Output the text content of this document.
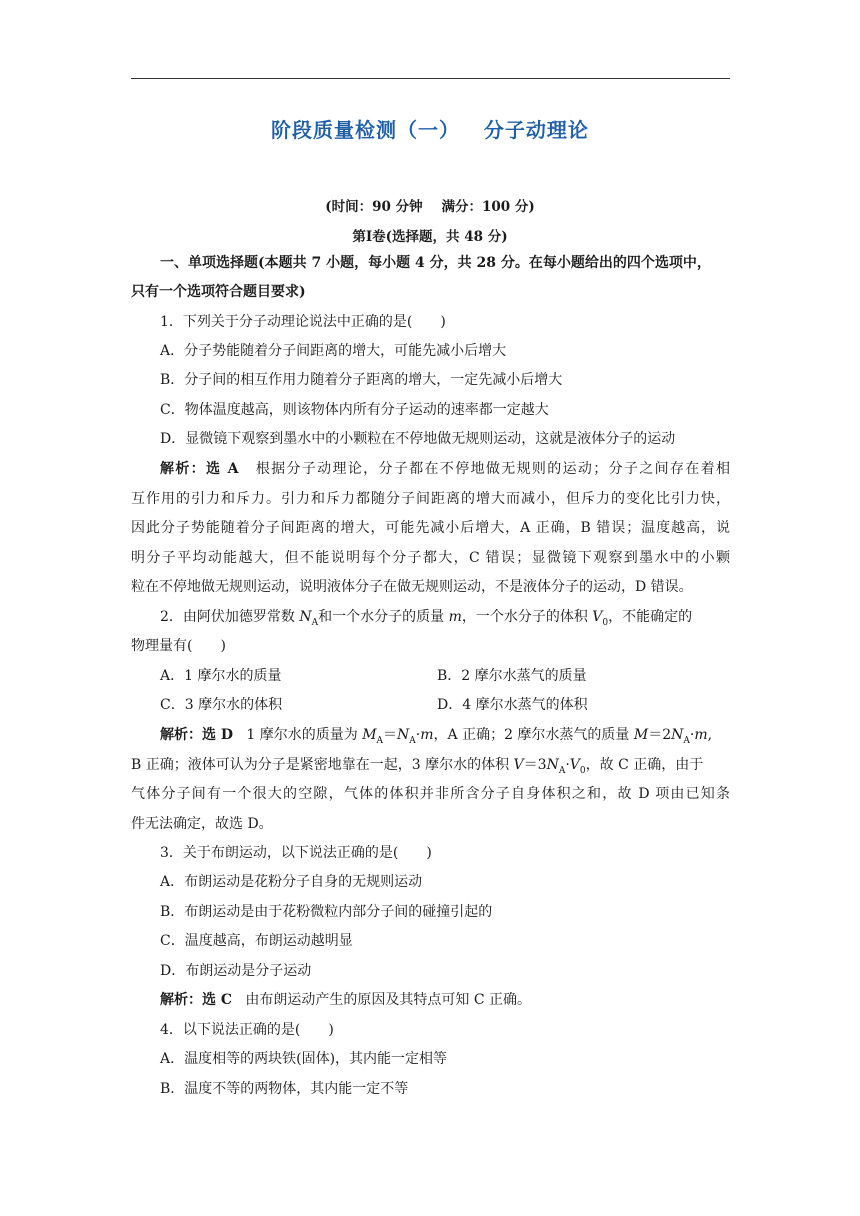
阶段质量检测（一）   分子动理论
(时间：90 分钟    满分：100 分)
第Ⅰ卷(选择题，共 48 分)
一、单项选择题(本题共 7 小题，每小题 4 分，共 28 分。在每小题给出的四个选项中，
只有一个选项符合题目要求)
1．下列关于分子动理论说法中正确的是(　　)
A．分子势能随着分子间距离的增大，可能先减小后增大
B．分子间的相互作用力随着分子距离的增大，一定先减小后增大
C．物体温度越高，则该物体内所有分子运动的速率都一定越大
D．显微镜下观察到墨水中的小颗粒在不停地做无规则运动，这就是液体分子的运动
解析：选 A 根据分子动理论，分子都在不停地做无规则的运动；分子之间存在着相
互作用的引力和斥力。引力和斥力都随分子间距离的增大而减小，但斥力的变化比引力快，
因此分子势能随着分子间距离的增大，可能先减小后增大，A 正确，B 错误；温度越高，说
明分子平均动能越大，但不能说明每个分子都大，C 错误；显微镜下观察到墨水中的小颗
粒在不停地做无规则运动，说明液体分子在做无规则运动，不是液体分子的运动，D 错误。
2．由阿伏加德罗常数 $N_A$和一个水分子的质量 m，一个水分子的体积 $V_0$，不能确定的
物理量有(　　)
A．1 摩尔水的质量	B．2 摩尔水蒸气的质量
C．3 摩尔水的体积	D．4 摩尔水蒸气的体积
解析：选 D 1 摩尔水的质量为 $M_A=N_A\cdot m$，A 正确；2 摩尔水蒸气的质量 $M=2N_A\cdot m$,
B 正确；液体可认为分子是紧密地靠在一起，3 摩尔水的体积 $V=3N_A\cdot V_0$，故 C 正确，由于
气体分子间有一个很大的空隙，气体的体积并非所含分子自身体积之和，故 D 项由已知条
件无法确定，故选 D。
3．关于布朗运动，以下说法正确的是(　　)
A．布朗运动是花粉分子自身的无规则运动
B．布朗运动是由于花粉微粒内部分子间的碰撞引起的
C．温度越高，布朗运动越明显
D．布朗运动是分子运动
解析：选 C 由布朗运动产生的原因及其特点可知 C 正确。
4．以下说法正确的是(　　)
A．温度相等的两块铁(固体)，其内能一定相等
B．温度不等的两物体，其内能一定不等
